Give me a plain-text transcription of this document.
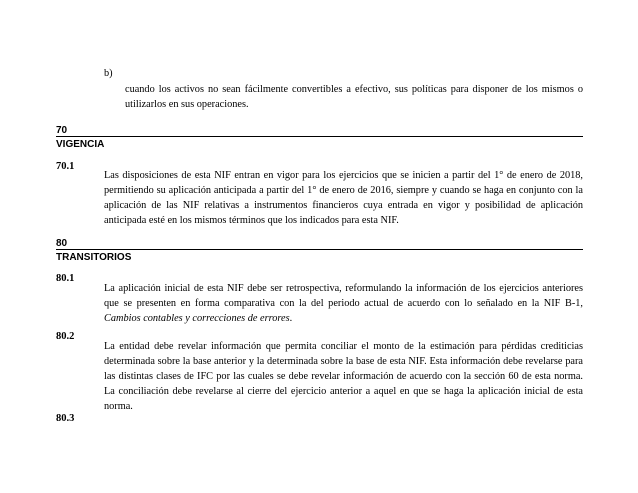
b)
cuando los activos no sean fácilmente convertibles a efectivo, sus políticas para disponer de los mismos o utilizarlos en sus operaciones.
70
VIGENCIA
70.1
Las disposiciones de esta NIF entran en vigor para los ejercicios que se inicien a partir del 1° de enero de 2018, permitiendo su aplicación anticipada a partir del 1° de enero de 2016, siempre y cuando se haga en conjunto con la aplicación de las NIF relativas a instrumentos financieros cuya entrada en vigor y posibilidad de aplicación anticipada esté en los mismos términos que los indicados para esta NIF.
80
TRANSITORIOS
80.1
La aplicación inicial de esta NIF debe ser retrospectiva, reformulando la información de los ejercicios anteriores que se presenten en forma comparativa con la del periodo actual de acuerdo con lo señalado en la NIF B-1, Cambios contables y correcciones de errores.
80.2
La entidad debe revelar información que permita conciliar el monto de la estimación para pérdidas crediticias determinada sobre la base anterior y la determinada sobre la base de esta NIF. Esta información debe revelarse para las distintas clases de IFC por las cuales se debe revelar información de acuerdo con la sección 60 de esta norma. La conciliación debe revelarse al cierre del ejercicio anterior a aquel en que se haga la aplicación inicial de esta norma.
80.3
